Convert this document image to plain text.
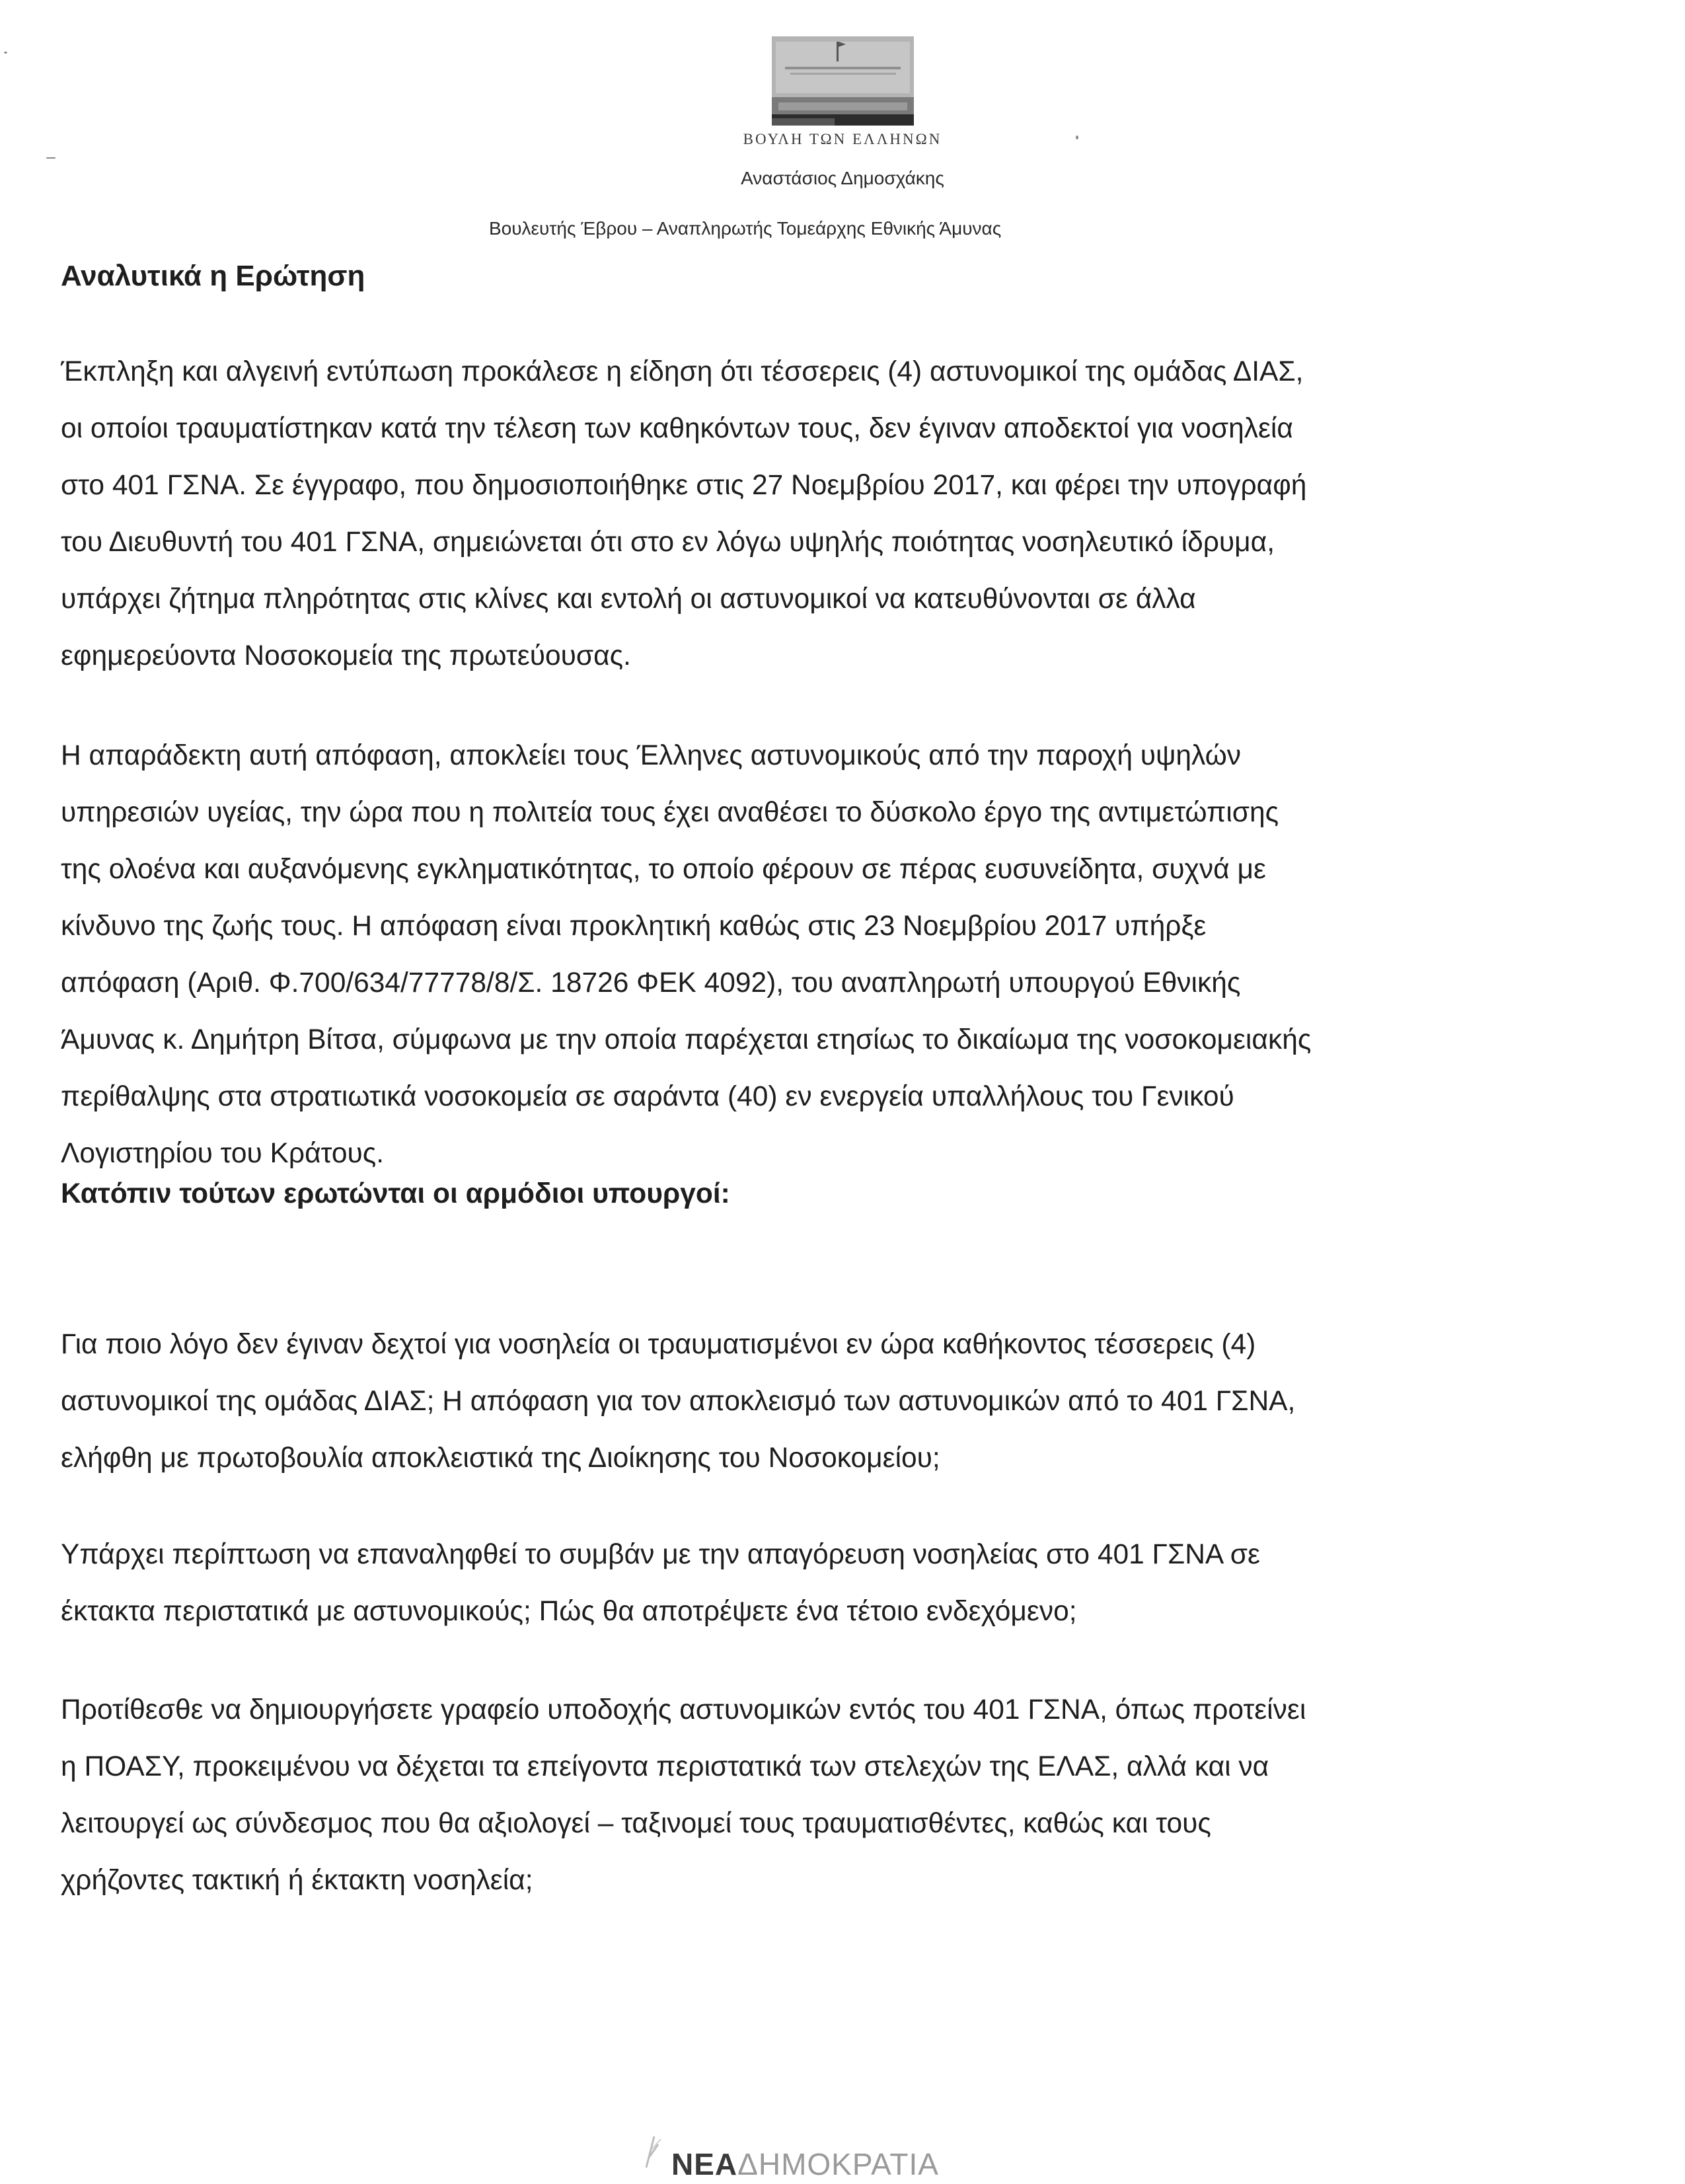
ΒΟΥΛΗ ΤΩΝ ΕΛΛΗΝΩΝ
Αναστάσιος Δημοσχάκης
Βουλευτής Έβρου – Αναπληρωτής Τομεάρχης Εθνικής Άμυνας
Αναλυτικά η Ερώτηση
Έκπληξη και αλγεινή εντύπωση προκάλεσε η είδηση ότι τέσσερεις (4) αστυνομικοί της ομάδας ΔΙΑΣ,
οι οποίοι τραυματίστηκαν κατά την τέλεση των καθηκόντων τους, δεν έγιναν αποδεκτοί για νοσηλεία
στο 401 ΓΣΝΑ. Σε έγγραφο, που δημοσιοποιήθηκε στις 27 Νοεμβρίου 2017, και φέρει την υπογραφή
του Διευθυντή του 401 ΓΣΝΑ, σημειώνεται ότι στο εν λόγω υψηλής ποιότητας νοσηλευτικό ίδρυμα,
υπάρχει ζήτημα πληρότητας στις κλίνες και εντολή οι αστυνομικοί να κατευθύνονται σε άλλα
εφημερεύοντα Νοσοκομεία της πρωτεύουσας.
Η απαράδεκτη αυτή απόφαση, αποκλείει τους Έλληνες αστυνομικούς από την παροχή υψηλών
υπηρεσιών υγείας, την ώρα που η πολιτεία τους έχει αναθέσει το δύσκολο έργο της αντιμετώπισης
της ολοένα και αυξανόμενης εγκληματικότητας, το οποίο φέρουν σε πέρας ευσυνείδητα, συχνά με
κίνδυνο της ζωής τους. Η απόφαση είναι προκλητική καθώς στις 23 Νοεμβρίου 2017 υπήρξε
απόφαση (Αριθ. Φ.700/634/77778/8/Σ. 18726 ΦΕΚ 4092), του αναπληρωτή υπουργού Εθνικής
Άμυνας κ. Δημήτρη Βίτσα, σύμφωνα με την οποία παρέχεται ετησίως το δικαίωμα της νοσοκομειακής
περίθαλψης στα στρατιωτικά νοσοκομεία σε σαράντα (40) εν ενεργεία υπαλλήλους του Γενικού
Λογιστηρίου του Κράτους.
Κατόπιν τούτων ερωτώνται οι αρμόδιοι υπουργοί:
Για ποιο λόγο δεν έγιναν δεχτοί για νοσηλεία οι τραυματισμένοι εν ώρα καθήκοντος τέσσερεις (4)
αστυνομικοί της ομάδας ΔΙΑΣ; Η απόφαση για τον αποκλεισμό των αστυνομικών από το 401 ΓΣΝΑ,
ελήφθη με πρωτοβουλία αποκλειστικά της Διοίκησης του Νοσοκομείου;
Υπάρχει περίπτωση να επαναληφθεί το συμβάν με την απαγόρευση νοσηλείας στο 401 ΓΣΝΑ σε
έκτακτα περιστατικά με αστυνομικούς; Πώς θα αποτρέψετε ένα τέτοιο ενδεχόμενο;
Προτίθεσθε να δημιουργήσετε γραφείο υποδοχής αστυνομικών εντός του 401 ΓΣΝΑ, όπως προτείνει
η ΠΟΑΣΥ, προκειμένου να δέχεται τα επείγοντα περιστατικά των στελεχών της ΕΛΑΣ, αλλά και να
λειτουργεί ως σύνδεσμος που θα αξιολογεί – ταξινομεί τους τραυματισθέντες, καθώς και τους
χρήζοντες τακτική ή έκτακτη νοσηλεία;
ΝΕΑΔΗΜΟΚΡΑΤΙΑ
